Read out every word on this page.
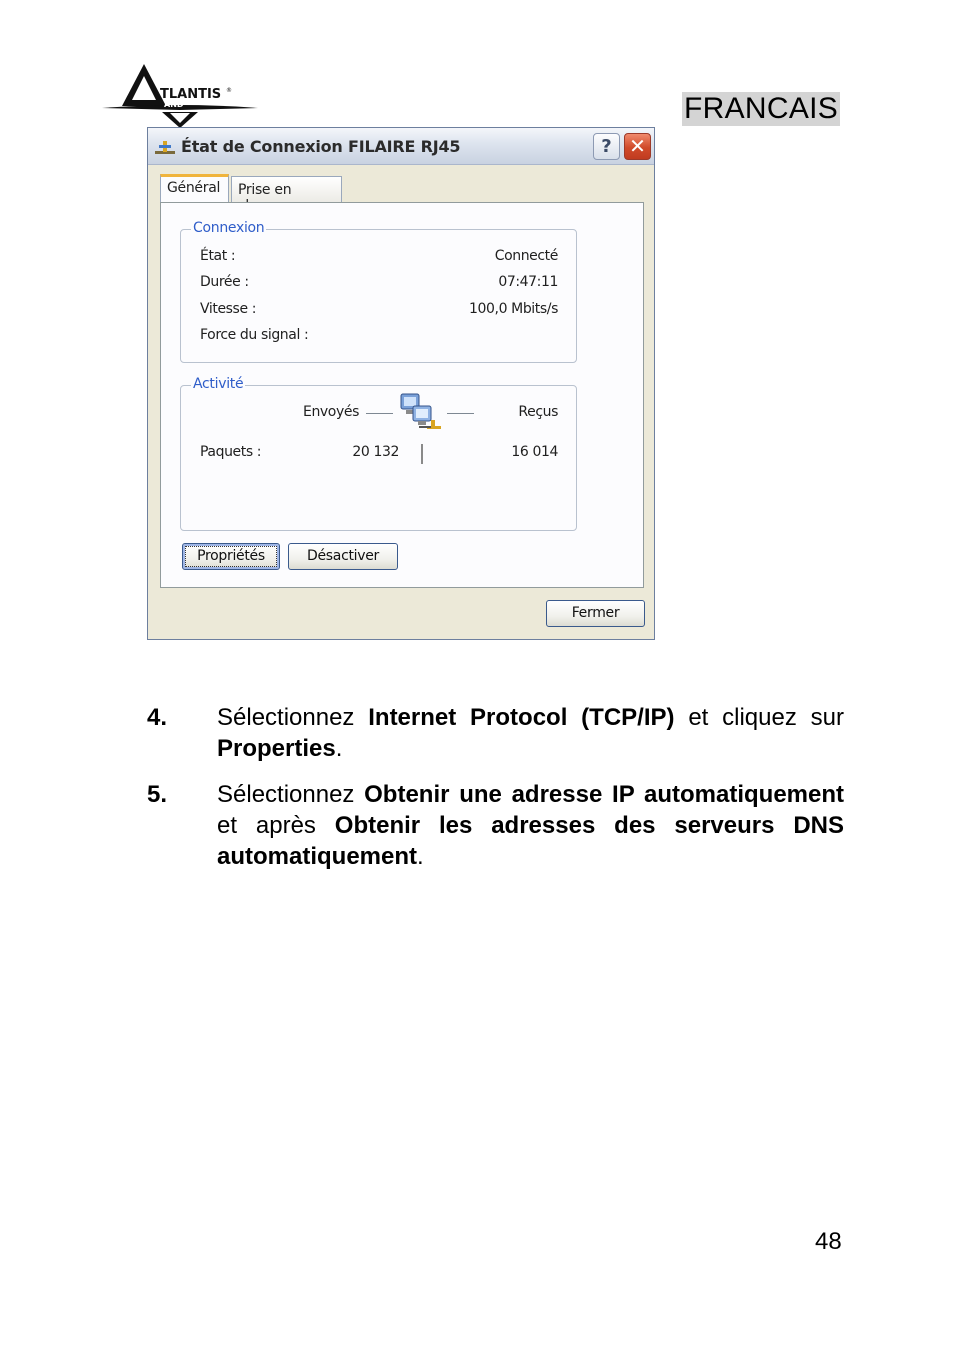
TLANTIS ®
AND	FRANCAIS
État de Connexion FILAIRE RJ45	? ✕
Général	Prise en
Connexion
État :	Connecté
Durée :	07:47:11
Vitesse :	100,0 Mbits/s
Force du signal :
Activité
Envoyés	Reçus
Paquets :	20 132	16 014
Propriétés	Désactiver
Fermer
4. Sélectionnez Internet Protocol (TCP/IP) et cliquez sur Properties.
5. Sélectionnez Obtenir une adresse IP automatiquement et après Obtenir les adresses des serveurs DNS automatiquement.
48
